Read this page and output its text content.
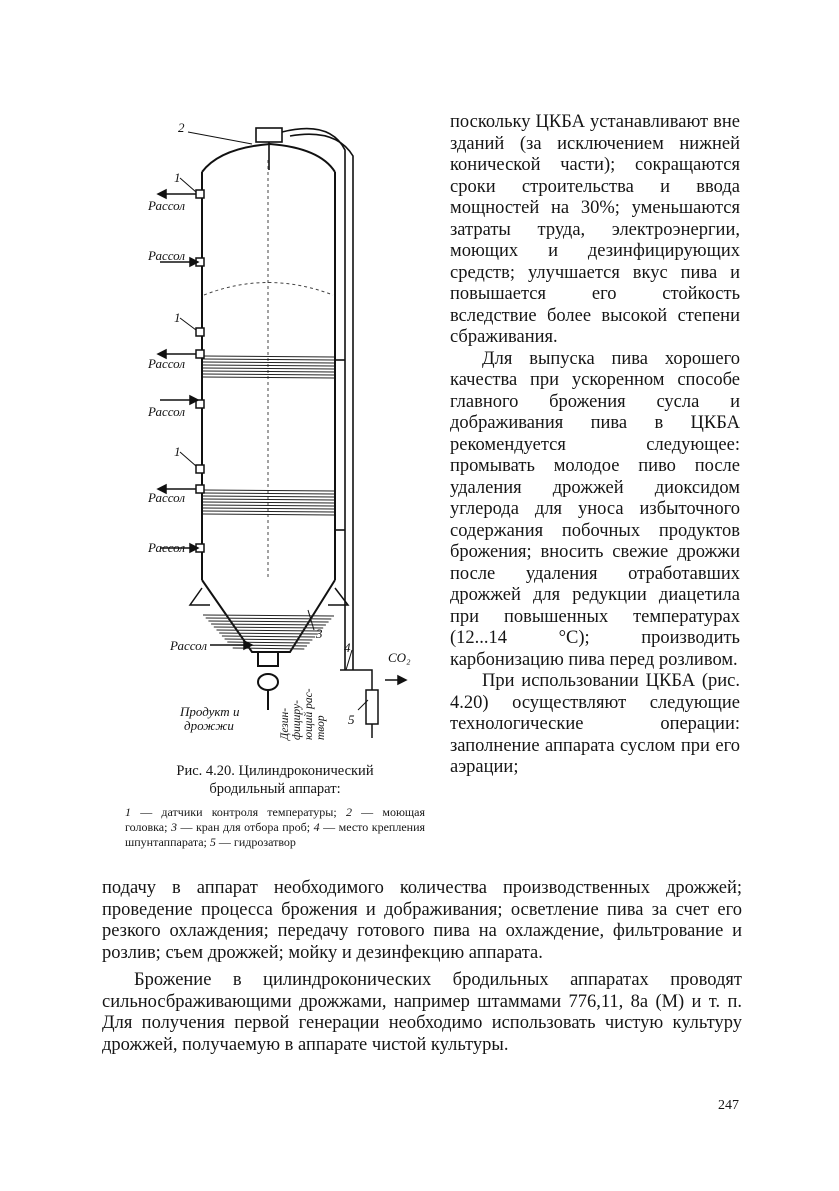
2
1
1
1
3
4
5
Рассол
Рассол
Рассол
Рассол
Рассол
Рассол
Рассол
CO₂
Продукт и
дрожжи	Дезин- фициру- ющий рас- твор
Рис. 4.20. Цилиндроконический
бродильный аппарат:
1 — датчики контроля температуры; 2 — моющая головка; 3 — кран для отбора проб; 4 — место крепления шпунтаппарата; 5 — гидрозатвор

поскольку ЦКБА устанавливают вне зданий (за исключением нижней конической части); сокращаются сроки строительства и ввода мощностей на 30%; уменьшаются затраты труда, электроэнергии, моющих и дезинфицирующих средств; улучшается вкус пива и повышается его стойкость вследствие более высокой степени сбраживания.

Для выпуска пива хорошего качества при ускоренном способе главного брожения сусла и дображивания пива в ЦКБА рекомендуется следующее: промывать молодое пиво после удаления дрожжей диоксидом углерода для уноса избыточного содержания побочных продуктов брожения; вносить свежие дрожжи после удаления отработавших дрожжей для редукции диацетила при повышенных температурах (12...14 °С); производить карбонизацию пива перед розливом.

При использовании ЦКБА (рис. 4.20) осуществляют следующие технологические операции: заполнение аппарата суслом при его аэрации;

подачу в аппарат необходимого количества производственных дрожжей; проведение процесса брожения и дображивания; осветление пива за счет его резкого охлаждения; передачу готового пива на охлаждение, фильтрование и розлив; съем дрожжей; мойку и дезинфекцию аппарата.

Брожение в цилиндроконических бродильных аппаратах проводят сильносбраживающими дрожжами, например штаммами 776,11, 8а (М) и т. п. Для получения первой генерации необходимо использовать чистую культуру дрожжей, получаемую в аппарате чистой культуры.

247
